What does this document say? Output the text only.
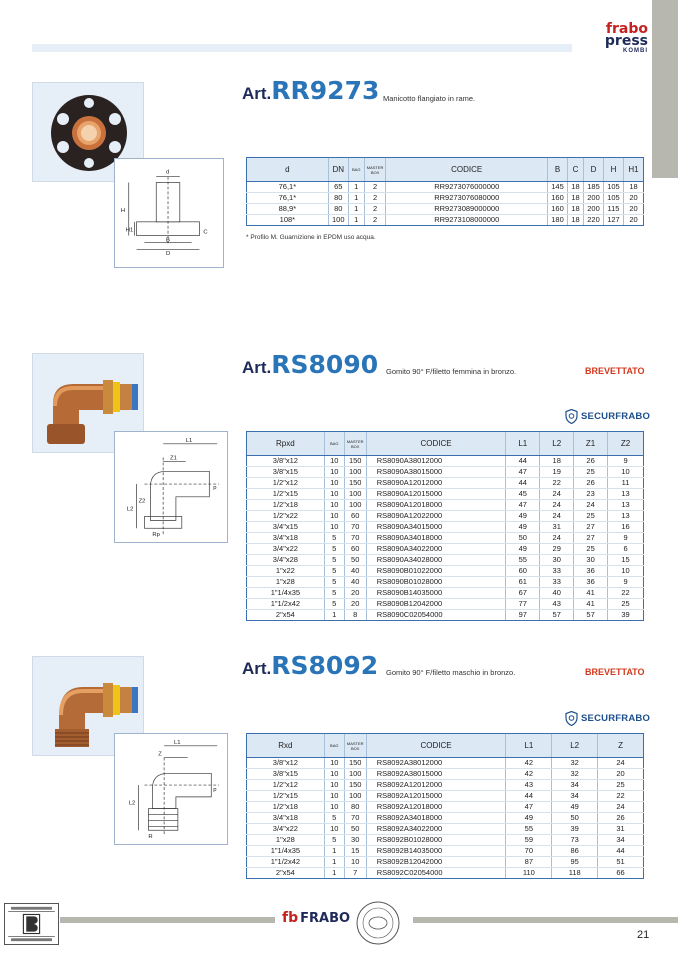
frabo
press
KOMBI
d
H
H1
B
D
C
Art.RR9273 Manicotto flangiato in rame.
d	DN	BAG	MASTER BOX	CODICE	B	C	D	H	H1
76,1*	65	1	2	RR9273076000000	145	18	185	105	18
76,1*	80	1	2	RR9273076080000	160	18	200	105	20
88,9*	80	1	2	RR9273089000000	160	18	200	115	20
108*	100	1	2	RR9273108000000	180	18	220	127	20
* Profilo M. Guarnizione in EPDM uso acqua.
L1
Z1
Z2
L2
Rp
p
Art.RS8090 Gomito 90° F/filetto femmina in bronzo.	BREVETTATO
SECURFRABO
Rpxd	BAG	MASTER BOX	CODICE	L1	L2	Z1	Z2
3/8"x12	10	150	RS8090A38012000	44	18	26	9
3/8"x15	10	100	RS8090A38015000	47	19	25	10
1/2"x12	10	150	RS8090A12012000	44	22	26	11
1/2"x15	10	100	RS8090A12015000	45	24	23	13
1/2"x18	10	100	RS8090A12018000	47	24	24	13
1/2"x22	10	60	RS8090A12022000	49	24	25	13
3/4"x15	10	70	RS8090A34015000	49	31	27	16
3/4"x18	5	70	RS8090A34018000	50	24	27	9
3/4"x22	5	60	RS8090A34022000	49	29	25	6
3/4"x28	5	50	RS8090A34028000	55	30	30	15
1"x22	5	40	RS8090B01022000	60	33	36	10
1"x28	5	40	RS8090B01028000	61	33	36	9
1"1/4x35	5	20	RS8090B14035000	67	40	41	22
1"1/2x42	5	20	RS8090B12042000	77	43	41	25
2"x54	1	8	RS8090C02054000	97	57	57	39
L1
Z
L2
R
p
Art.RS8092 Gomito 90° F/filetto maschio in bronzo.	BREVETTATO
SECURFRABO
Rxd	BAG	MASTER BOX	CODICE	L1	L2	Z
3/8"x12	10	150	RS8092A38012000	42	32	24
3/8"x15	10	100	RS8092A38015000	42	32	20
1/2"x12	10	150	RS8092A12012000	43	34	25
1/2"x15	10	100	RS8092A12015000	44	34	22
1/2"x18	10	80	RS8092A12018000	47	49	24
3/4"x18	5	70	RS8092A34018000	49	50	26
3/4"x22	10	50	RS8092A34022000	55	39	31
1"x28	5	30	RS8092B01028000	59	73	34
1"1/4x35	1	15	RS8092B14035000	70	86	44
1"1/2x42	1	10	RS8092B12042000	87	95	51
2"x54	1	7	RS8092C02054000	110	118	66
fb FRABO
21
